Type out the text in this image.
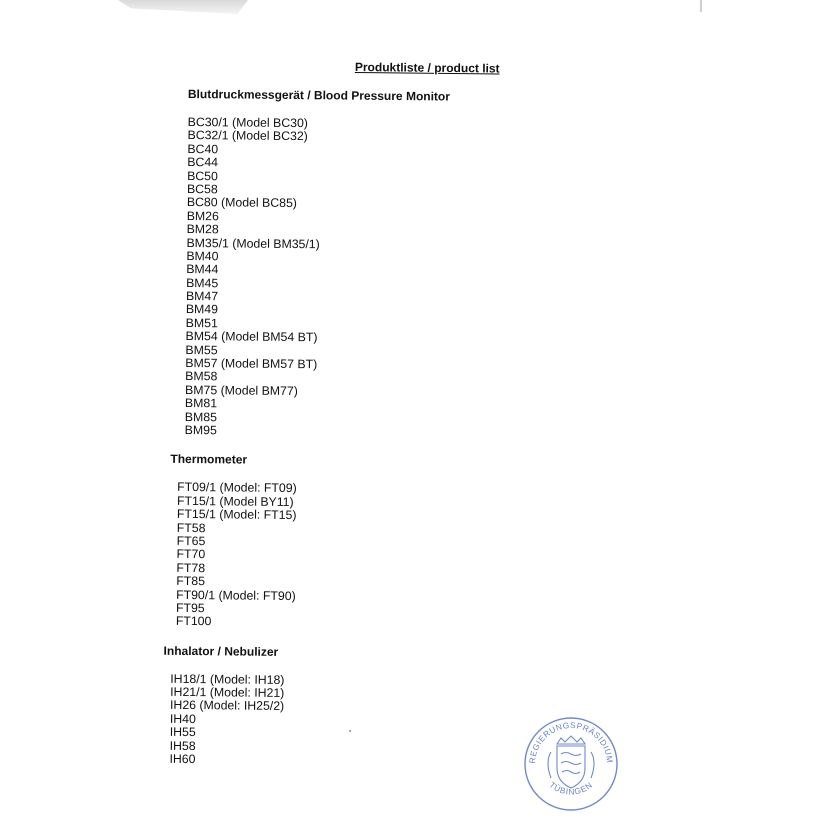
Produktliste / product list
Blutdruckmessgerät / Blood Pressure Monitor
BC30/1 (Model BC30)
BC32/1 (Model BC32)
BC40
BC44
BC50
BC58
BC80 (Model BC85)
BM26
BM28
BM35/1 (Model BM35/1)
BM40
BM44
BM45
BM47
BM49
BM51
BM54 (Model BM54 BT)
BM55
BM57 (Model BM57 BT)
BM58
BM75 (Model BM77)
BM81
BM85
BM95
Thermometer
FT09/1 (Model: FT09)
FT15/1 (Model BY11)
FT15/1 (Model: FT15)
FT58
FT65
FT70
FT78
FT85
FT90/1 (Model: FT90)
FT95
FT100
Inhalator / Nebulizer
IH18/1 (Model: IH18)
IH21/1 (Model: IH21)
IH26 (Model: IH25/2)
IH40
IH55
IH58
IH60	REGIERUNGSPRÄSIDIUM
TÜBINGEN
